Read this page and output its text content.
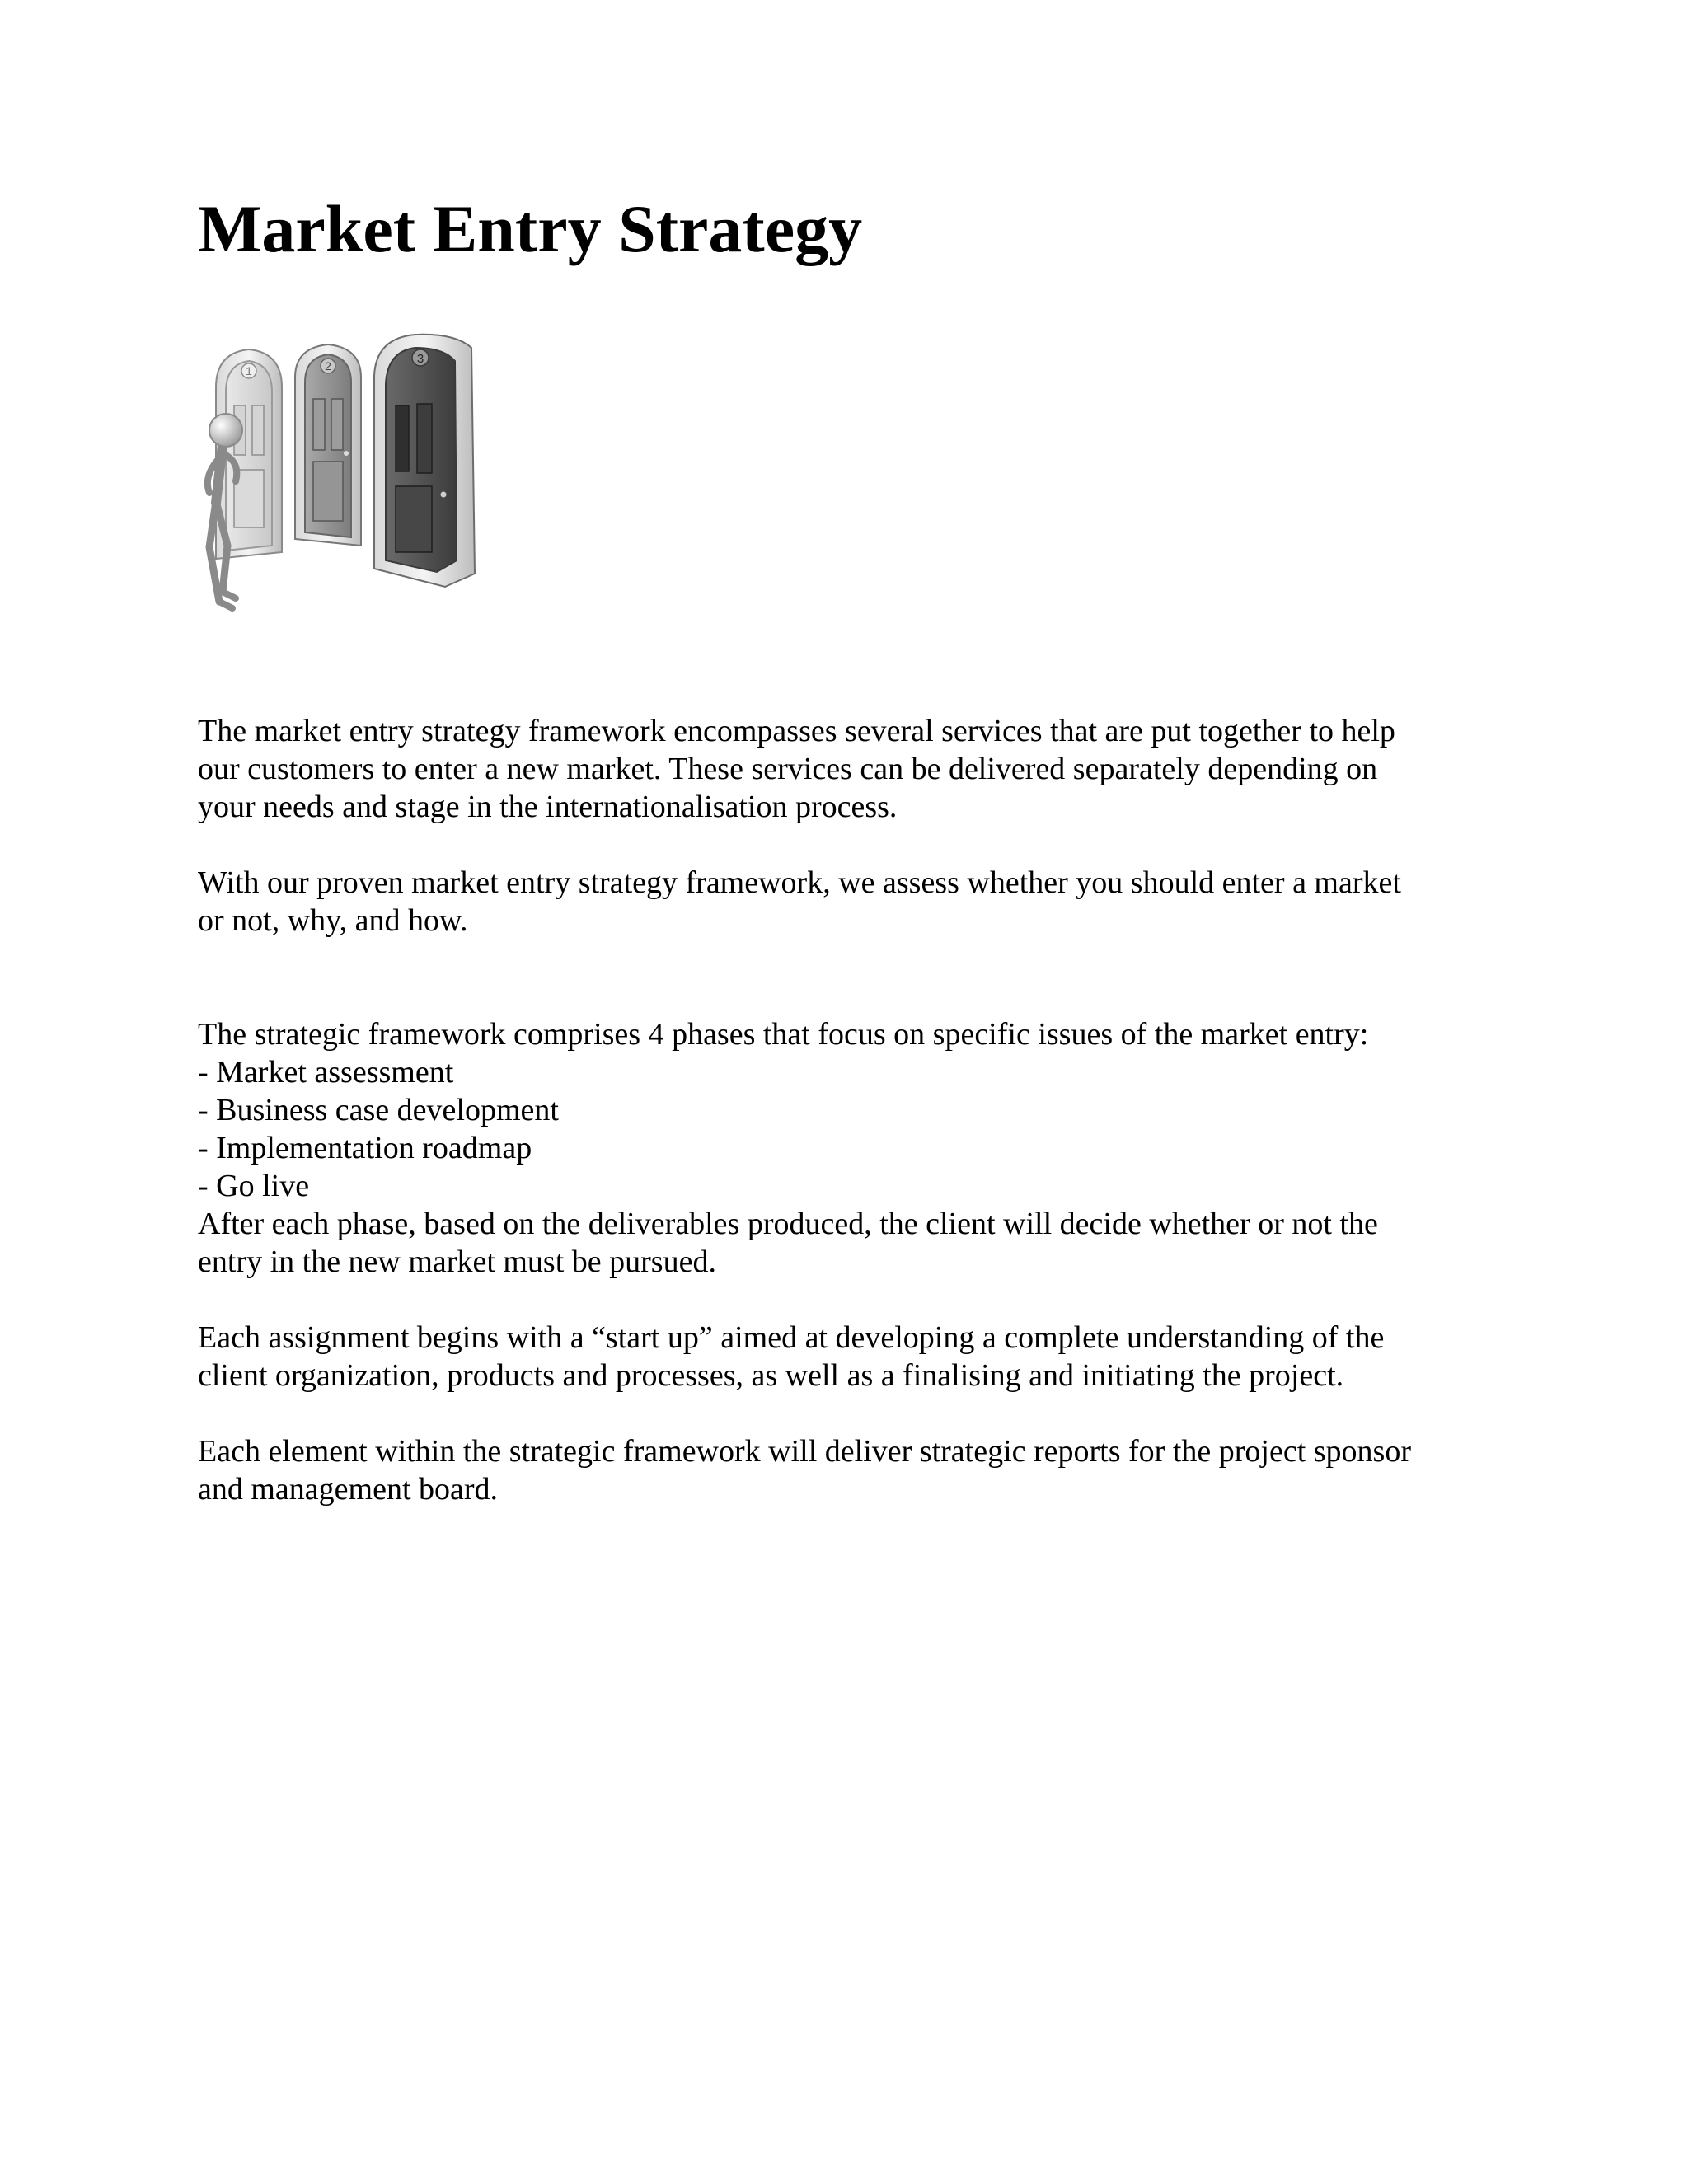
Market Entry Strategy
1	2	3

The market entry strategy framework encompasses several services that are put together to help

our customers to enter a new market. These services can be delivered separately depending on

your needs and stage in the internationalisation process.

With our proven market entry strategy framework, we assess whether you should enter a market

or not, why, and how.

The strategic framework comprises 4 phases that focus on specific issues of the market entry:

- Market assessment

- Business case development

- Implementation roadmap

- Go live

After each phase, based on the deliverables produced, the client will decide whether or not the

entry in the new market must be pursued.

Each assignment begins with a “start up” aimed at developing a complete understanding of the

client organization, products and processes, as well as a finalising and initiating the project.

Each element within the strategic framework will deliver strategic reports for the project sponsor

and management board.
